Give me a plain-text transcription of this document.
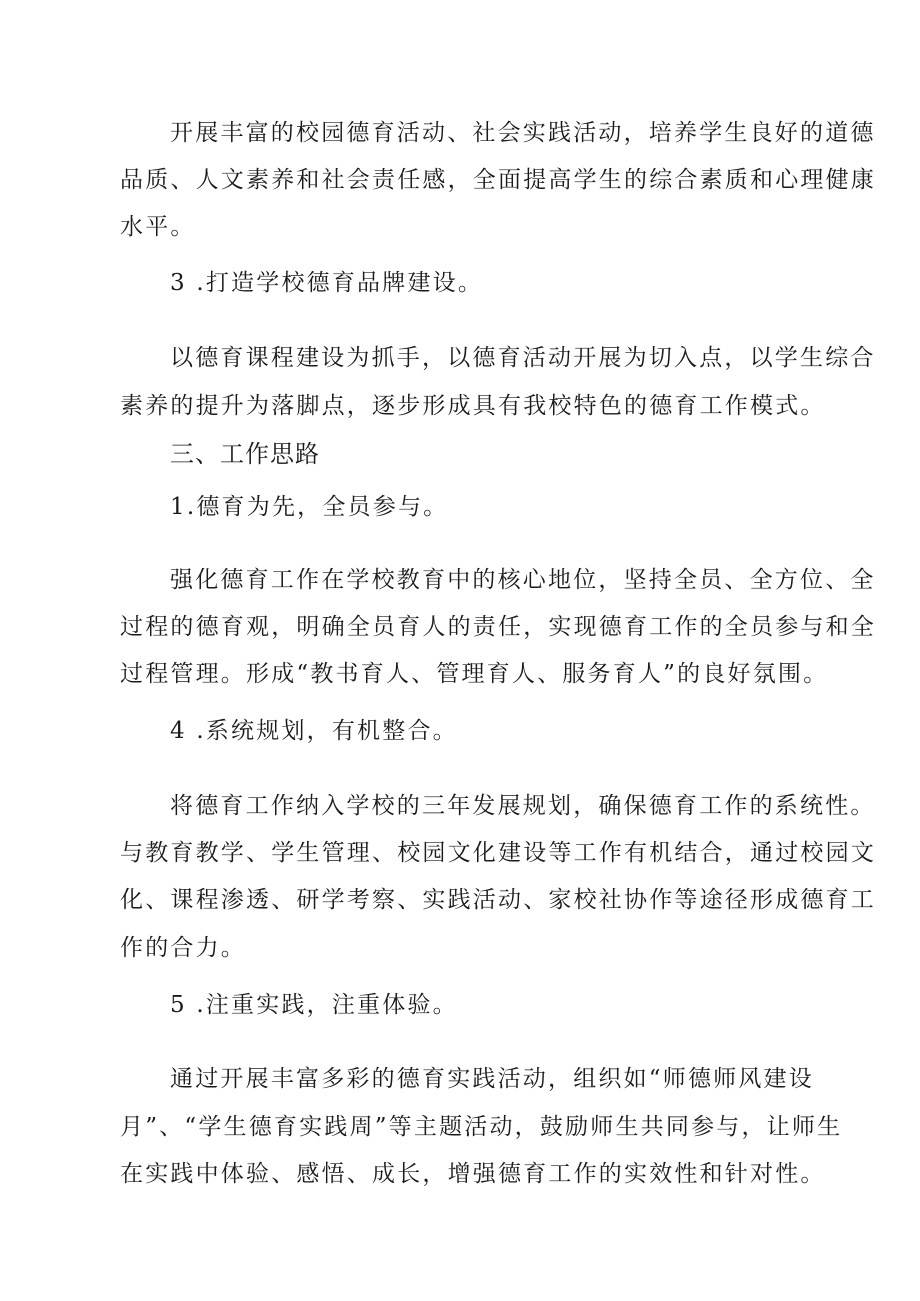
开展丰富的校园德育活动、社会实践活动，培养学生良好的道德
品质、人文素养和社会责任感，全面提高学生的综合素质和心理健康
水平。
3 .打造学校德育品牌建设。
以德育课程建设为抓手，以德育活动开展为切入点，以学生综合
素养的提升为落脚点，逐步形成具有我校特色的德育工作模式。
三、工作思路
1.德育为先，全员参与。
强化德育工作在学校教育中的核心地位，坚持全员、全方位、全
过程的德育观，明确全员育人的责任，实现德育工作的全员参与和全
过程管理。形成“教书育人、管理育人、服务育人”的良好氛围。
4 .系统规划，有机整合。
将德育工作纳入学校的三年发展规划，确保德育工作的系统性。
与教育教学、学生管理、校园文化建设等工作有机结合，通过校园文
化、课程渗透、研学考察、实践活动、家校社协作等途径形成德育工
作的合力。
5 .注重实践，注重体验。
通过开展丰富多彩的德育实践活动，组织如“师德师风建设
月”、“学生德育实践周”等主题活动，鼓励师生共同参与，让师生
在实践中体验、感悟、成长，增强德育工作的实效性和针对性。
